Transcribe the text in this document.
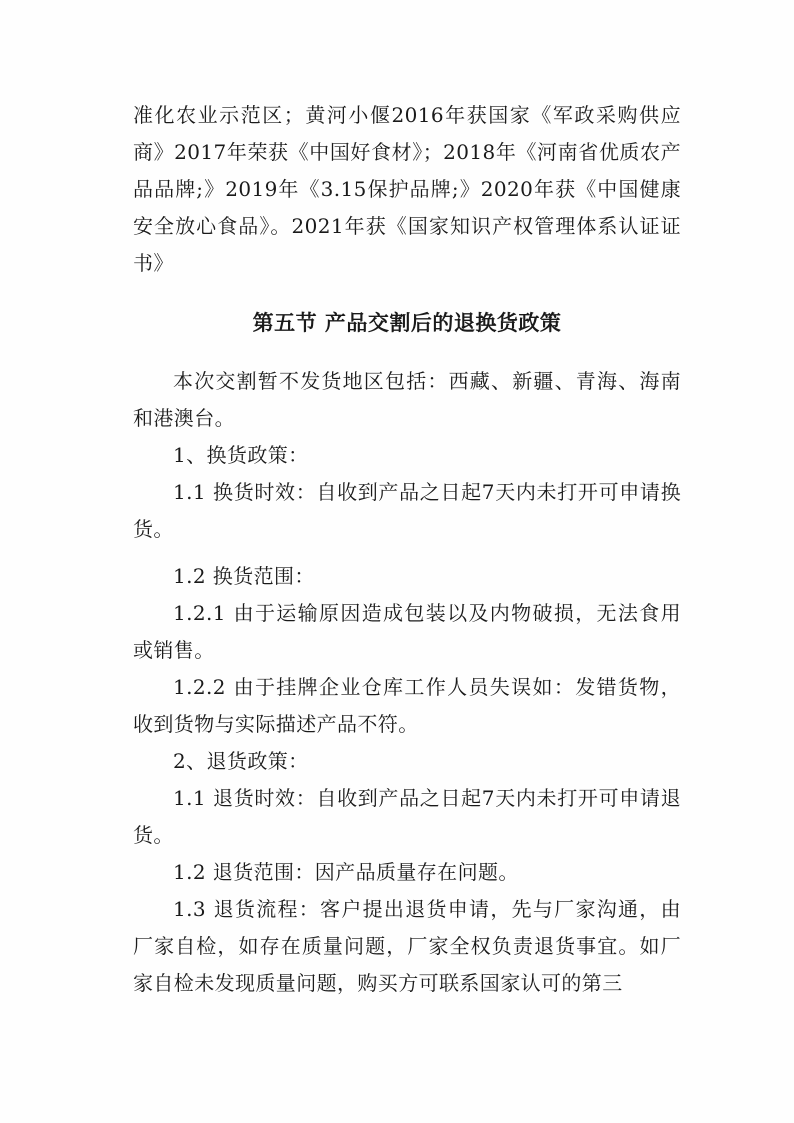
准化农业示范区；黄河小偃2016年获国家《军政采购供应商》2017年荣获《中国好食材》；2018年《河南省优质农产品品牌;》2019年《3.15保护品牌;》2020年获《中国健康安全放心食品》。2021年获《国家知识产权管理体系认证证书》

第五节 产品交割后的退换货政策

本次交割暂不发货地区包括：西藏、新疆、青海、海南和港澳台。

1、换货政策：

1.1 换货时效：自收到产品之日起7天内未打开可申请换货。

1.2 换货范围：

1.2.1 由于运输原因造成包装以及内物破损，无法食用或销售。

1.2.2 由于挂牌企业仓库工作人员失误如：发错货物，收到货物与实际描述产品不符。

2、退货政策：

1.1 退货时效：自收到产品之日起7天内未打开可申请退货。

1.2 退货范围：因产品质量存在问题。

1.3 退货流程：客户提出退货申请，先与厂家沟通，由厂家自检，如存在质量问题，厂家全权负责退货事宜。如厂家自检未发现质量问题，购买方可联系国家认可的第三
